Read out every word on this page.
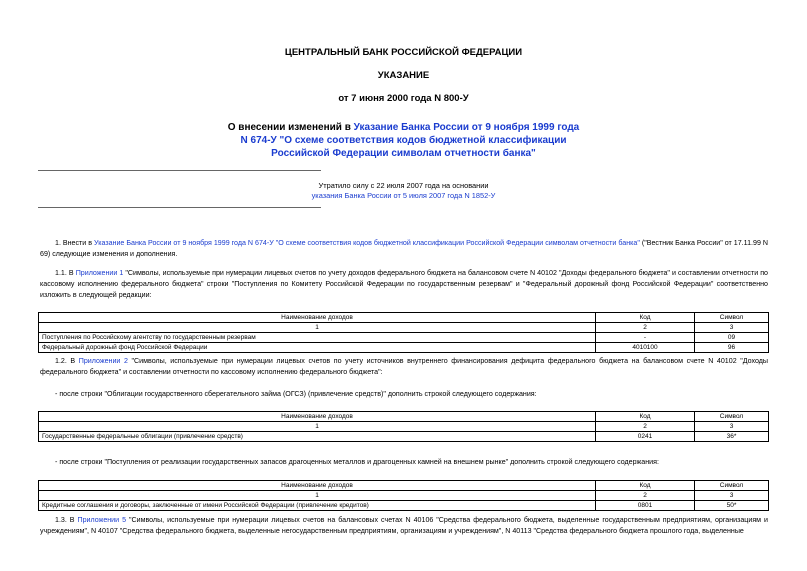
ЦЕНТРАЛЬНЫЙ БАНК РОССИЙСКОЙ ФЕДЕРАЦИИ
УКАЗАНИЕ
от 7 июня 2000 года N 800-У
О внесении изменений в Указание Банка России от 9 ноября 1999 года
N 674-У "О схеме соответствия кодов бюджетной классификации
Российской Федерации символам отчетности банка"
Утратило силу с 22 июля 2007 года на основании
указания Банка России от 5 июля 2007 года N 1852-У
1. Внести в Указание Банка России от 9 ноября 1999 года N 674-У "О схеме соответствия кодов бюджетной классификации Российской Федерации символам отчетности банка" ("Вестник Банка России" от 17.11.99 N 69) следующие изменения и дополнения.
1.1. В Приложении 1 "Символы, используемые при нумерации лицевых счетов по учету доходов федерального бюджета на балансовом счете N 40102 "Доходы федерального бюджета" и составлении отчетности по кассовому исполнению федерального бюджета" строки "Поступления по Комитету Российской Федерации по государственным резервам" и "Федеральный дорожный фонд Российской Федерации" соответственно изложить в следующей редакции:
Наименование доходов	Код	Символ
1	2	3
Поступления по Российскому агентству по государственным резервам	-	09
Федеральный дорожный фонд Российской Федерации	4010100	96
1.2. В Приложении 2 "Символы, используемые при нумерации лицевых счетов по учету источников внутреннего финансирования дефицита федерального бюджета на балансовом счете N 40102 "Доходы федерального бюджета" и составлении отчетности по кассовому исполнению федерального бюджета":
- после строки "Облигации государственного сберегательного займа (ОГСЗ) (привлечение средств)" дополнить строкой следующего содержания:
Наименование доходов	Код	Символ
1	2	3
Государственные федеральные облигации (привлечение средств)	0241	36*
- после строки "Поступления от реализации государственных запасов драгоценных металлов и драгоценных камней на внешнем рынке" дополнить строкой следующего содержания:
Наименование доходов	Код	Символ
1	2	3
Кредитные соглашения и договоры, заключенные от имени Российской Федерации (привлечение кредитов)	0801	50*
1.3. В Приложении 5 "Символы, используемые при нумерации лицевых счетов на балансовых счетах N 40106 "Средства федерального бюджета, выделенные государственным предприятиям, организациям и учреждениям", N 40107 "Средства федерального бюджета, выделенные негосударственным предприятиям, организациям и учреждениям", N 40113 "Средства федерального бюджета прошлого года, выделенные
